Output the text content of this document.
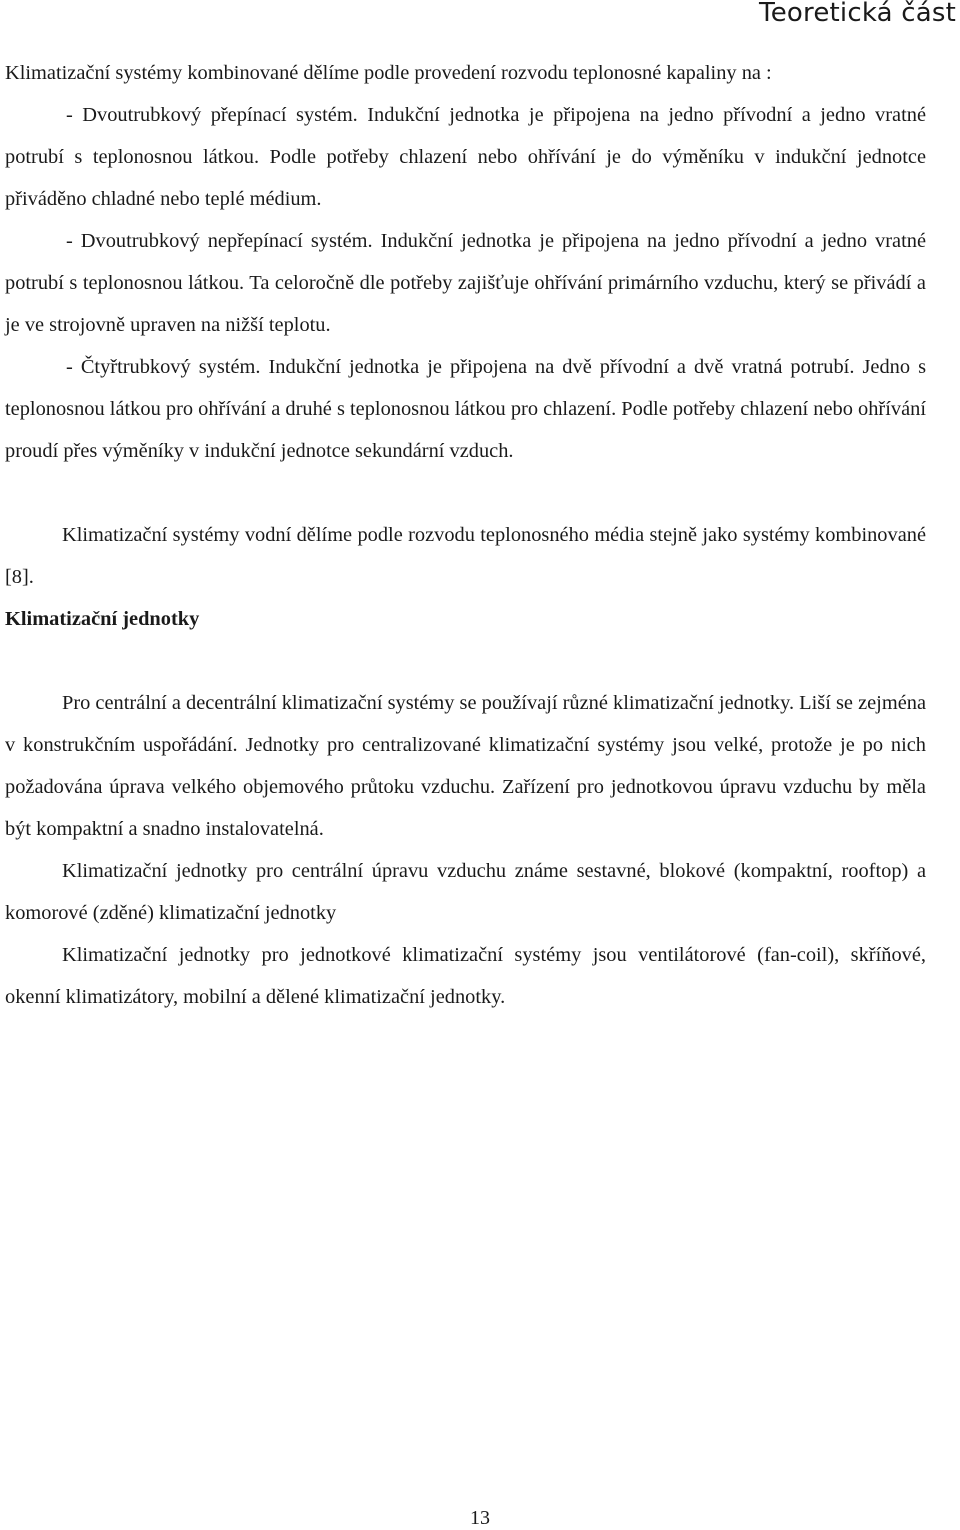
Teoretická část

Klimatizační systémy kombinované dělíme podle provedení rozvodu teplonosné kapaliny na :

- Dvoutrubkový přepínací systém. Indukční jednotka je připojena na jedno přívodní a jedno vratné potrubí s teplonosnou látkou. Podle potřeby chlazení nebo ohřívání je do výměníku v indukční jednotce přiváděno chladné nebo teplé médium.

- Dvoutrubkový nepřepínací systém. Indukční jednotka je připojena na jedno přívodní a jedno vratné potrubí s teplonosnou látkou. Ta celoročně dle potřeby zajišťuje ohřívání primárního vzduchu, který se přivádí a je ve strojovně upraven na nižší teplotu.

- Čtyřtrubkový systém. Indukční jednotka je připojena na dvě přívodní a dvě vratná potrubí. Jedno s teplonosnou látkou pro ohřívání a druhé s teplonosnou látkou pro chlazení. Podle potřeby chlazení nebo ohřívání proudí přes výměníky v indukční jednotce sekundární vzduch.

Klimatizační systémy vodní dělíme podle rozvodu teplonosného média stejně jako systémy kombinované [8].

Klimatizační jednotky

Pro centrální a decentrální klimatizační systémy se používají různé klimatizační jednotky. Liší se zejména v konstrukčním uspořádání. Jednotky pro centralizované klimatizační systémy jsou velké, protože je po nich požadována úprava velkého objemového průtoku vzduchu. Zařízení pro jednotkovou úpravu vzduchu by měla být kompaktní a snadno instalovatelná.

Klimatizační jednotky pro centrální úpravu vzduchu známe sestavné, blokové (kompaktní, rooftop) a komorové (zděné) klimatizační jednotky

Klimatizační jednotky pro jednotkové klimatizační systémy jsou ventilátorové (fan-coil), skříňové, okenní klimatizátory, mobilní a dělené klimatizační jednotky.

13
